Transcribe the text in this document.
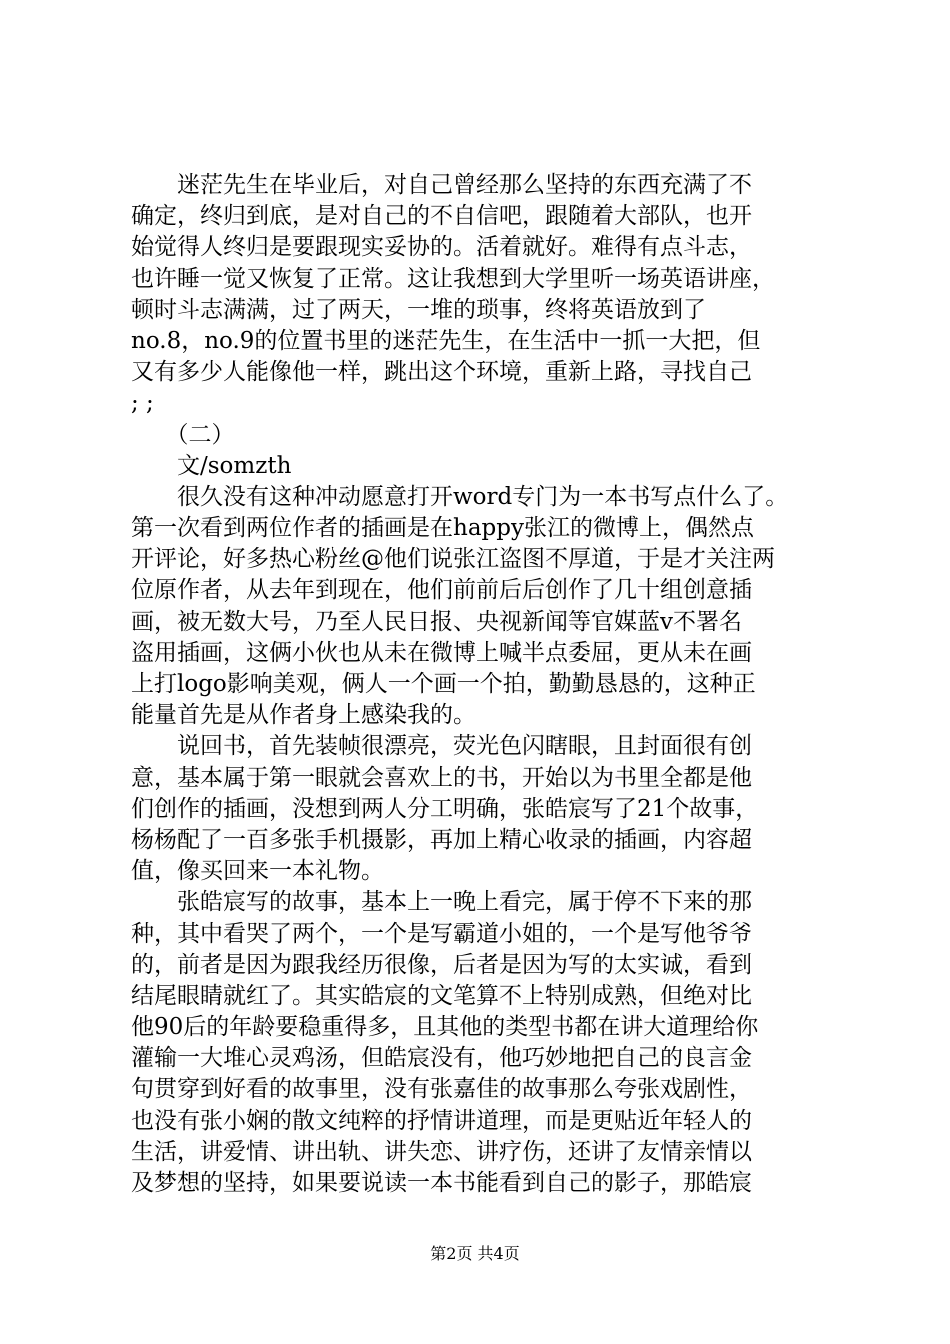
　　迷茫先生在毕业后，对自己曾经那么坚持的东西充满了不
确定，终归到底，是对自己的不自信吧，跟随着大部队，也开
始觉得人终归是要跟现实妥协的。活着就好。难得有点斗志，
也许睡一觉又恢复了正常。这让我想到大学里听一场英语讲座，
顿时斗志满满，过了两天，一堆的琐事，终将英语放到了
no.8，no.9的位置书里的迷茫先生，在生活中一抓一大把，但
又有多少人能像他一样，跳出这个环境，重新上路，寻找自己
; ;
　　（二）
　　文/somzth
　　很久没有这种冲动愿意打开word专门为一本书写点什么了。
第一次看到两位作者的插画是在happy张江的微博上，偶然点
开评论，好多热心粉丝@他们说张江盗图不厚道，于是才关注两
位原作者，从去年到现在，他们前前后后创作了几十组创意插
画，被无数大号，乃至人民日报、央视新闻等官媒蓝v不署名
盗用插画，这俩小伙也从未在微博上喊半点委屈，更从未在画
上打logo影响美观，俩人一个画一个拍，勤勤恳恳的，这种正
能量首先是从作者身上感染我的。
　　说回书，首先装帧很漂亮，荧光色闪瞎眼，且封面很有创
意，基本属于第一眼就会喜欢上的书，开始以为书里全都是他
们创作的插画，没想到两人分工明确，张皓宸写了21个故事，
杨杨配了一百多张手机摄影，再加上精心收录的插画，内容超
值，像买回来一本礼物。
　　张皓宸写的故事，基本上一晚上看完，属于停不下来的那
种，其中看哭了两个，一个是写霸道小姐的，一个是写他爷爷
的，前者是因为跟我经历很像，后者是因为写的太实诚，看到
结尾眼睛就红了。其实皓宸的文笔算不上特别成熟，但绝对比
他90后的年龄要稳重得多，且其他的类型书都在讲大道理给你
灌输一大堆心灵鸡汤，但皓宸没有，他巧妙地把自己的良言金
句贯穿到好看的故事里，没有张嘉佳的故事那么夸张戏剧性，
也没有张小娴的散文纯粹的抒情讲道理，而是更贴近年轻人的
生活，讲爱情、讲出轨、讲失恋、讲疗伤，还讲了友情亲情以
及梦想的坚持，如果要说读一本书能看到自己的影子，那皓宸
第2页 共4页
